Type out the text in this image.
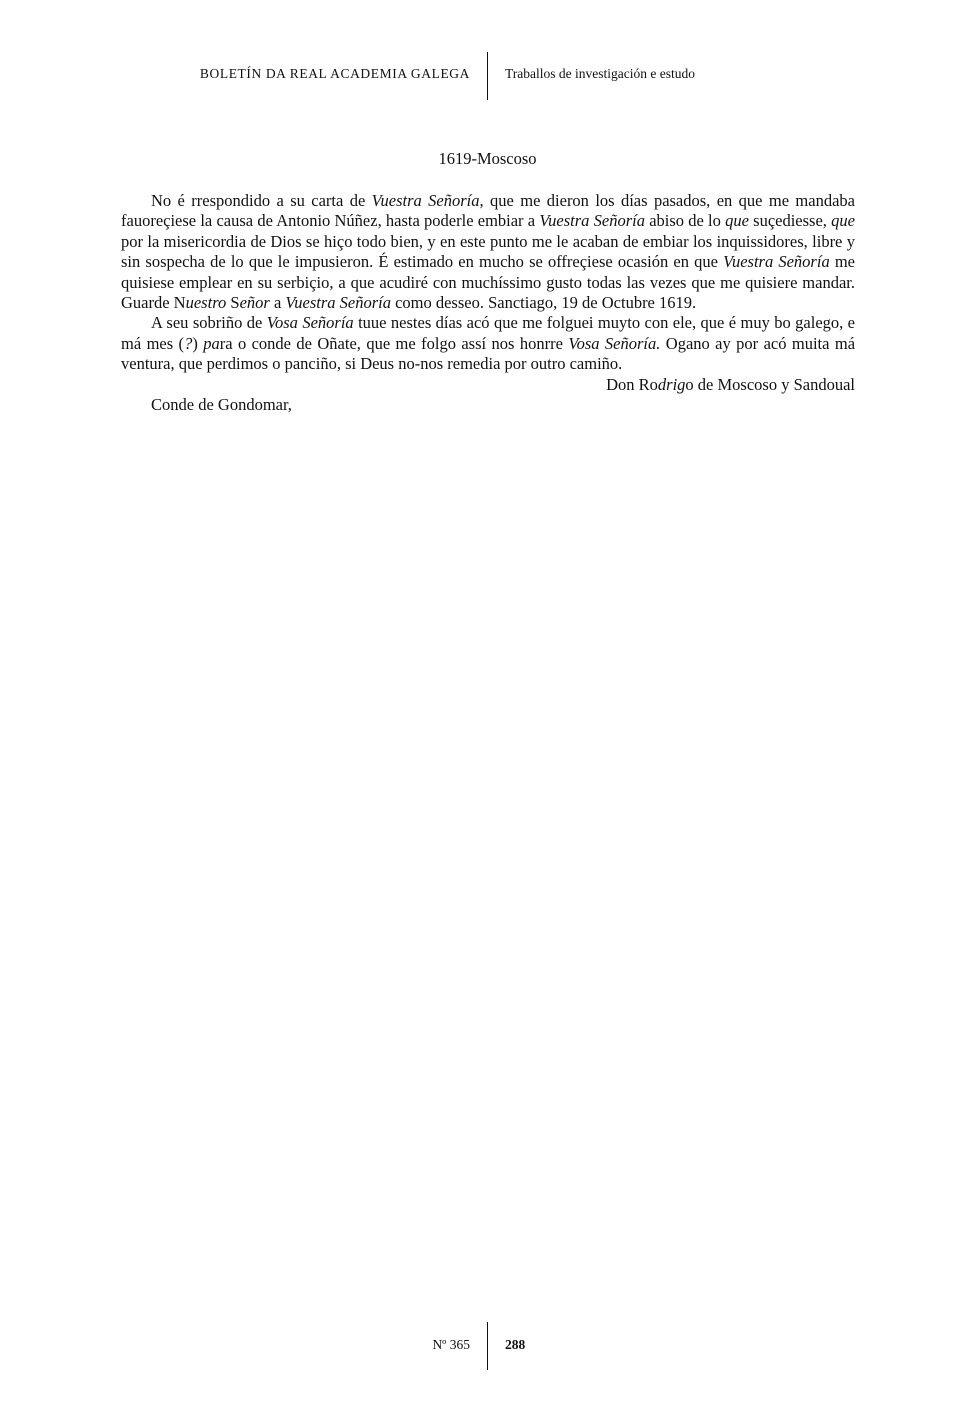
BOLETÍN DA REAL ACADEMIA GALEGA	Traballos de investigación e estudo
1619-Moscoso

No é rrespondido a su carta de Vuestra Señoría, que me dieron los días pasados, en que me mandaba fauoreçiese la causa de Antonio Núñez, hasta poderle embiar a Vuestra Señoría abiso de lo que suçediesse, que por la misericordia de Dios se hiço todo bien, y en este punto me le acaban de embiar los inquissidores, libre y sin sospecha de lo que le impusieron. É estimado en mucho se offreçiese ocasión en que Vuestra Señoría me quisiese emplear en su serbiçio, a que acudiré con muchíssimo gusto todas las vezes que me quisiere mandar. Guarde Nuestro Señor a Vuestra Señoría como desseo. Sanctiago, 19 de Octubre 1619.

A seu sobriño de Vosa Señoría tuue nestes días acó que me folguei muyto con ele, que é muy bo galego, e má mes (?) para o conde de Oñate, que me folgo assí nos honrre Vosa Señoría. Ogano ay por acó muita má ventura, que perdimos o panciño, si Deus no-nos remedia por outro camiño.

Don Rodrigo de Moscoso y Sandoual

Conde de Gondomar,

Nº 365	288
